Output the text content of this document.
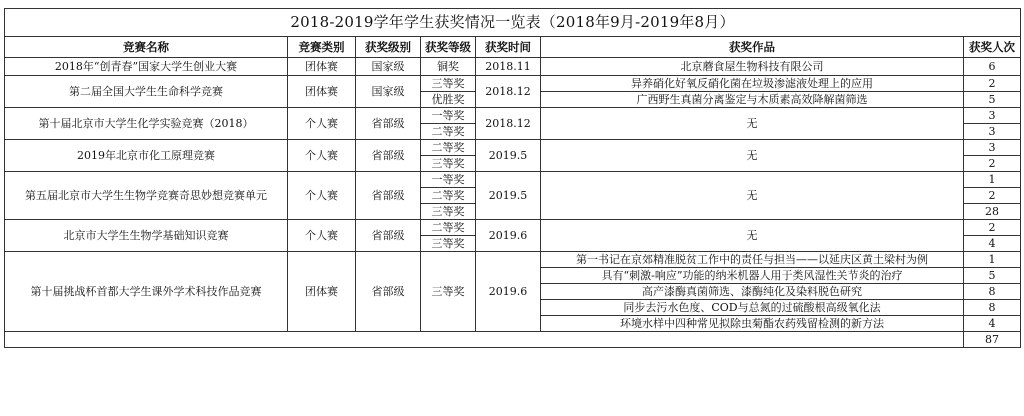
2018-2019学年学生获奖情况一览表（2018年9月-2019年8月）						
竞赛名称	竞赛类别	获奖级别	获奖等级	获奖时间	获奖作品	获奖人次
2018年“创青春”国家大学生创业大赛	团体赛	国家级	铜奖	2018.11	北京蘑食屋生物科技有限公司	6
第二届全国大学生生命科学竞赛	团体赛	国家级	三等奖	2018.12	异养硝化好氧反硝化菌在垃圾渗滤液处理上的应用	2
			优胜奖		广西野生真菌分离鉴定与木质素高效降解菌筛选	5
第十届北京市大学生化学实验竞赛（2018）	个人赛	省部级	一等奖	2018.12	无	3
			二等奖			3
2019年北京市化工原理竞赛	个人赛	省部级	二等奖	2019.5	无	3
			三等奖			2
第五届北京市大学生生物学竞赛奇思妙想竞赛单元	个人赛	省部级	一等奖	2019.5	无	1
			二等奖			2
			三等奖			28
北京市大学生生物学基础知识竞赛	个人赛	省部级	二等奖	2019.6	无	2
			三等奖			4
第十届挑战杯首都大学生课外学术科技作品竞赛	团体赛	省部级	三等奖	2019.6	第一书记在京郊精准脱贫工作中的责任与担当——以延庆区黄土梁村为例	1
					具有“刺激-响应”功能的纳米机器人用于类风湿性关节炎的治疗	5
					高产漆酶真菌筛选、漆酶纯化及染料脱色研究	8
					同步去污水色度、COD与总氮的过硫酸根高级氧化法	8
					环境水样中四种常见拟除虫菊酯农药残留检测的新方法	4
						87
